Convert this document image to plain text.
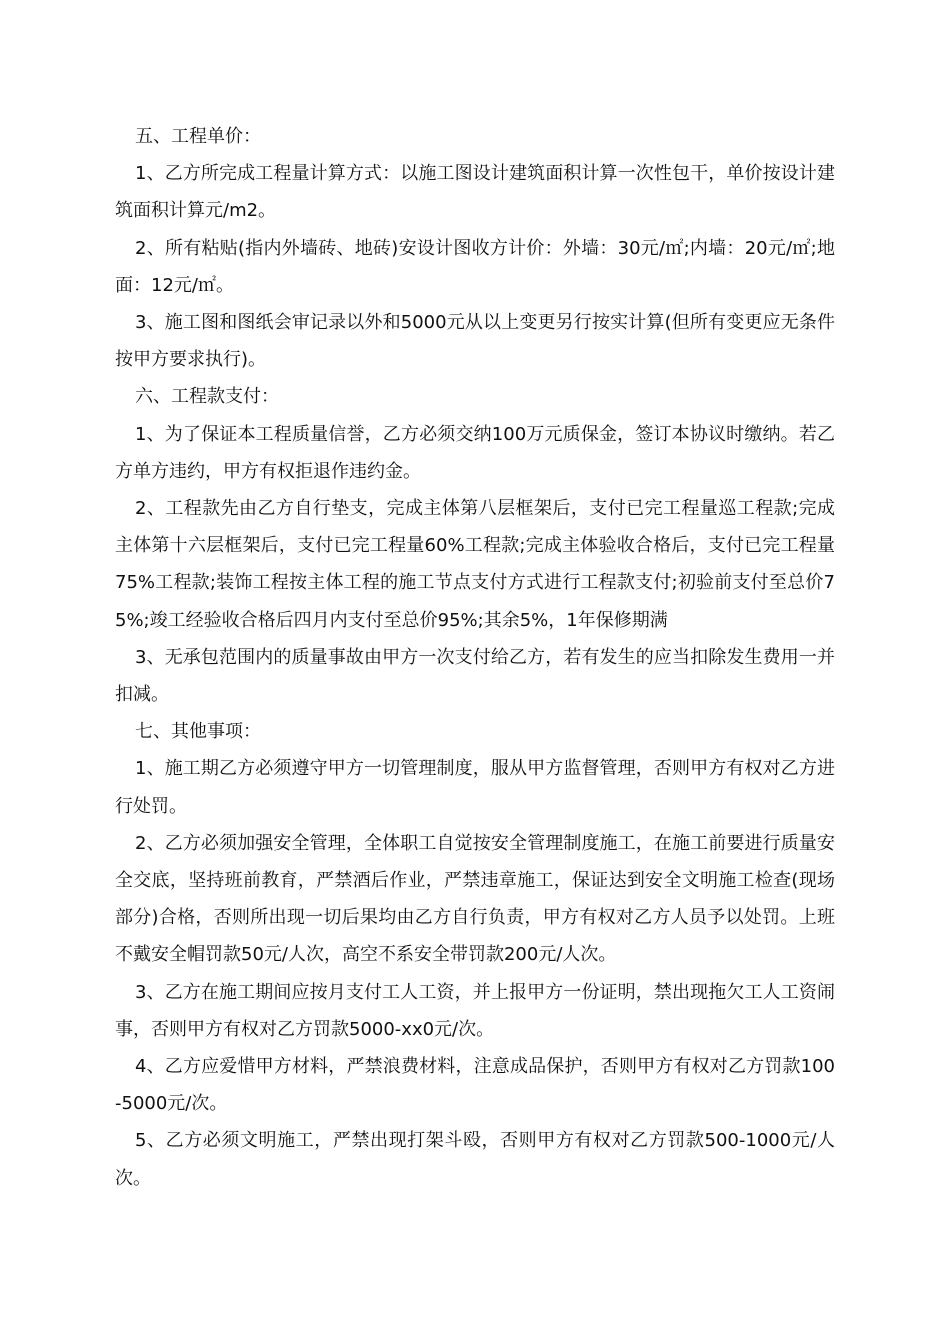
五、工程单价：

1、乙方所完成工程量计算方式：以施工图设计建筑面积计算一次性包干，单价按设计建筑面积计算元/m2。

2、所有粘贴(指内外墙砖、地砖)安设计图收方计价：外墙：30元/㎡;内墙：20元/㎡;地面：12元/㎡。

3、施工图和图纸会审记录以外和5000元从以上变更另行按实计算(但所有变更应无条件按甲方要求执行)。

六、工程款支付：

1、为了保证本工程质量信誉，乙方必须交纳100万元质保金，签订本协议时缴纳。若乙方单方违约，甲方有权拒退作违约金。

2、工程款先由乙方自行垫支，完成主体第八层框架后，支付已完工程量巡工程款;完成主体第十六层框架后，支付已完工程量60%工程款;完成主体验收合格后，支付已完工程量75%工程款;装饰工程按主体工程的施工节点支付方式进行工程款支付;初验前支付至总价75%;竣工经验收合格后四月内支付至总价95%;其余5%，1年保修期满

3、无承包范围内的质量事故由甲方一次支付给乙方，若有发生的应当扣除发生费用一并扣减。

七、其他事项：

1、施工期乙方必须遵守甲方一切管理制度，服从甲方监督管理，否则甲方有权对乙方进行处罚。

2、乙方必须加强安全管理，全体职工自觉按安全管理制度施工，在施工前要进行质量安全交底，坚持班前教育，严禁酒后作业，严禁违章施工，保证达到安全文明施工检查(现场部分)合格，否则所出现一切后果均由乙方自行负责，甲方有权对乙方人员予以处罚。上班不戴安全帽罚款50元/人次，高空不系安全带罚款200元/人次。

3、乙方在施工期间应按月支付工人工资，并上报甲方一份证明，禁出现拖欠工人工资闹事，否则甲方有权对乙方罚款5000-xx0元/次。

4、乙方应爱惜甲方材料，严禁浪费材料，注意成品保护，否则甲方有权对乙方罚款100-5000元/次。

5、乙方必须文明施工，严禁出现打架斗殴，否则甲方有权对乙方罚款500-1000元/人次。
